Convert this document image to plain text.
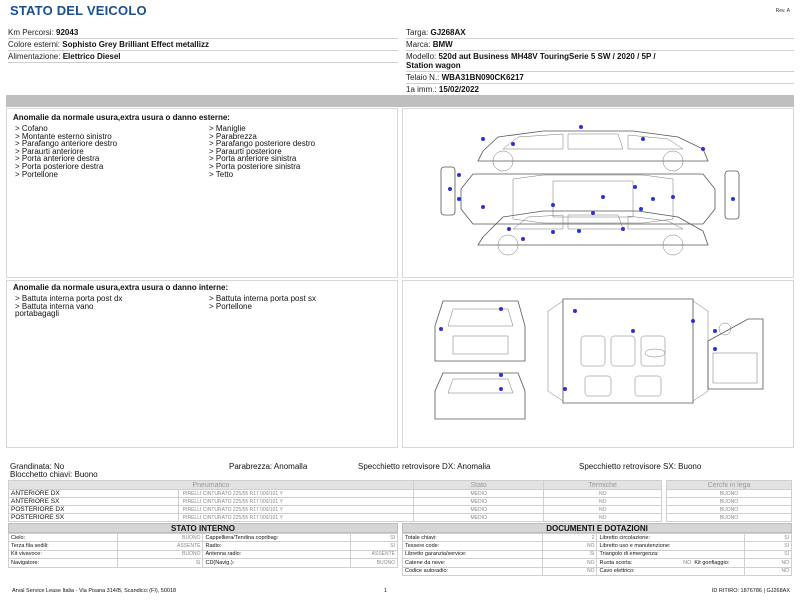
STATO DEL VEICOLO	Rev. A
Km Percorsi: 92043
Colore esterni: Sophisto Grey Brilliant Effect metallizz
Alimentazione: Elettrico Diesel
Targa: GJ268AX
Marca: BMW
Modello: 520d aut Business MH48V TouringSerie 5 SW / 2020 / 5P /
Station wagon
Telaio N.: WBA31BN090CK6217
1a imm.: 15/02/2022
Anomalie da normale usura,extra usura o danno esterne:
> Cofano
> Montante esterno sinistro
> Parafango anteriore destro
> Paraurti anteriore
> Porta anteriore destra
> Porta posteriore destra
> Portellone
> Maniglie
> Parabrezza
> Parafango posteriore destro
> Paraurti posteriore
> Porta anteriore sinistra
> Porta posteriore sinistra
> Tetto
Anomalie da normale usura,extra usura o danno interne:
> Battuta interna porta post dx
> Battuta interna vano
portabagagli
> Battuta interna porta post sx
> Portellone
Grandinata: No
Blocchetto chiavi: Buono
Parabrezza: Anomalla	Specchietto retrovisore DX: Anomalia	Specchietto retrovisore SX: Buono
Pneumatico	Stato	Termiche
ANTERIORE DX	PIRELLI CINTURATO 225/55 R17 000/101 Y	MEDIO	NO
ANTERIORE SX	PIRELLI CINTURATO 225/55 R17 000/101 Y	MEDIO	NO
POSTERIORE DX	PIRELLI CINTURATO 225/55 R17 000/101 Y	MEDIO	NO
POSTERIORE SX	PIRELLI CINTURATO 225/55 R17 000/101 Y	MEDIO	NO
Cerchi in lega
BUONO
BUONO
BUONO
BUONO
STATO INTERNO
Cielo:	BUONO	Cappelliera/Tendina copribag:	SI
Terza fila sedili:	ASSENTE	Radio:	SI
Kit vivavoce:	BUONO	Antenna radio:	ASSENTE
Navigatore:	SI	CD(Navig.):	BUONO
DOCUMENTI E DOTAZIONI
Totale chiavi:	2	Libretto circolazione:	SI
Tessere code:	NO	Libretto uso e manutenzione:	SI
Libretto garanzia/service:	SI	Triangolo di emergenza:	SI
Catene da neve:	NO	Ruota scorta: NO Kit gonfiaggio:	NO
Codice autoradio:	NO	Cavo elettrico:	NO
Arval Service Lease Italia - Via Pisana 314/B, Scandicci (FI), 50018	1	ID RITIRO: 1876786 | GJ268AX
